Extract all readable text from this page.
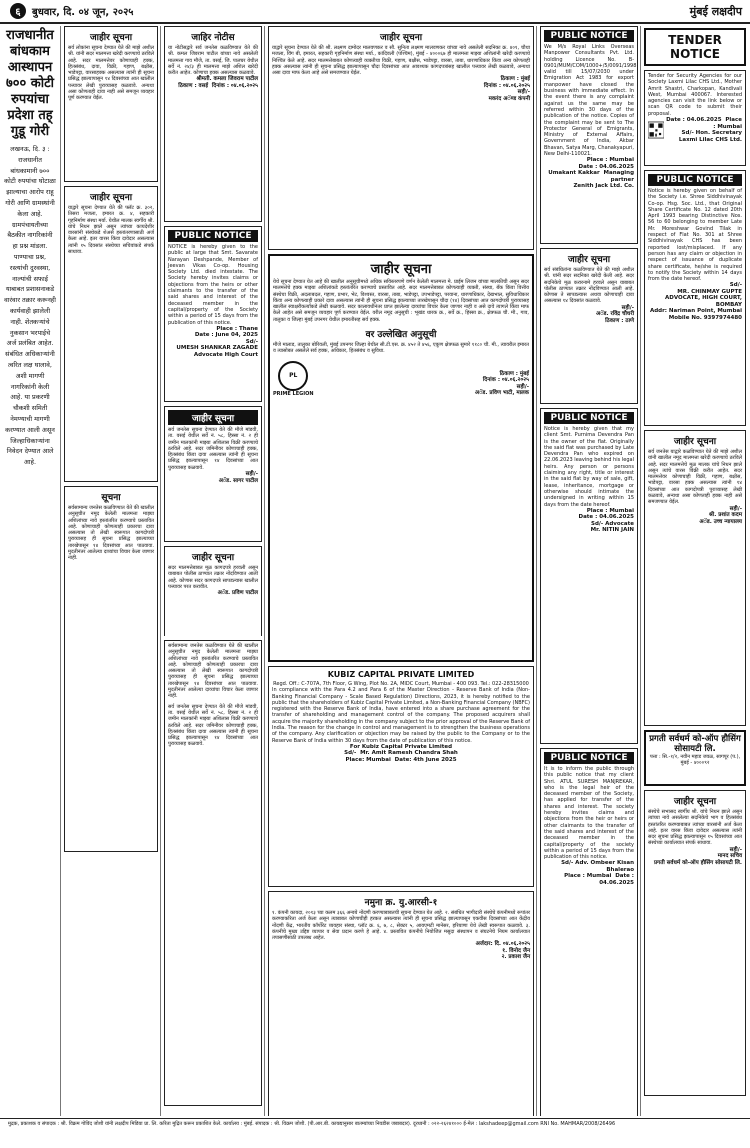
६	बुधवार, दि. ०४ जून, २०२५	मुंबई लक्षदीप
राजधानीत बांधकाम आस्थापन ७०० कोटी रुपयांचा प्रदेशा तह् गुडू गोरी
लखनऊ, दि. ३ : राजधानीत बांधकामानी ७०० कोटी रुपयांचा घोटाळा झाल्याचा आरोप राहू गोरी आणि ग्रामस्थांनी केला आहे. ग्रामपंचायतीच्या बैठकीत नागरिकांनी हा प्रश्न मांडला. पाण्याचा प्रश्न, रस्त्यांची दुरवस्था, नाल्यांची सफाई याबाबत प्रशासनाकडे वारंवार तक्रार करूनही कार्यवाही झालेली नाही. शेतकऱ्यांचे नुकसान भरपाईचे अर्ज प्रलंबित आहेत. संबंधित अधिकाऱ्यांनी त्वरित लक्ष घालावे, अशी मागणी नागरिकांनी केली आहे. या प्रकरणी चौकशी समिती नेमण्याची मागणी करण्यात आली असून जिल्हाधिकाऱ्यांना निवेदन देण्यात आले आहे.
जाहीर सूचना
सर्व लोकांना सूचना देण्यात येते की माझे अशील श्री. यांनी सदर मालमत्ता खरेदी करण्याचे ठरविले आहे. सदर मालमत्तेवर कोणाचाही हक्क, हितसंबंध, दावा, विक्री, गहाण, बक्षीस, भाडेपट्टा, वारसाहक्क असल्यास त्यांनी ही सूचना प्रसिद्ध झाल्यापासून १४ दिवसांच्या आत खालील पत्त्यावर लेखी पुराव्यासह कळवावे. अन्यथा असा कोणताही दावा नाही असे समजून व्यवहार पूर्ण करण्यात येईल.
जाहीर सूचना
याद्वारे सूचना देण्यात येते की फ्लॅट क्र. ३०२, तिसरा मजला, इमारत क्र. ४, सहकारी गृहनिर्माण संस्था मर्या. येथील मालक स्वर्गीय श्री. यांचे निधन झाले असून त्यांच्या कायदेशीर वारसांनी संस्थेकडे शेअर्स हस्तांतरणासाठी अर्ज केला आहे. इतर वारस किंवा दावेदार असल्यास त्यांनी १५ दिवसांत संस्थेच्या सचिवांकडे संपर्क साधावा.
सूचना
सर्वसामान्य जनतेस कळविण्यात येते की खालील अनुसूचीत नमूद केलेली मालमत्ता माझ्या अशिलांच्या नावे हस्तांतरित करण्याचे प्रस्तावित आहे. कोणाचाही कोणत्याही प्रकारचा दावा असल्यास तो लेखी स्वरूपात कागदोपत्री पुराव्यासह ही सूचना प्रसिद्ध झाल्याच्या तारखेपासून १४ दिवसांच्या आत पाठवावा. मुदतीनंतर आलेल्या दाव्यांचा विचार केला जाणार नाही.
जाहिर नोटीस
या नोटीसद्वारे सर्व जनतेस कळविण्यात येते की श्री. कमल जिवराम पाटील यांच्या नावे असलेली मालमत्ता गाव मौजे, ता. वसई, जि. पालघर येथील सर्वे नं. २४/३ ही मालमत्ता माझे अशिल खरेदी करीत आहेत. कोणाचा हक्क असल्यास कळवावे.
श्रीमती. कमला जिवराम पाटील
ठिकाण : वसई  दिनांक : ०४.०६.२०२५
PUBLIC NOTICE
NOTICE is hereby given to the public at large that Smt. Savarate Narayan Deshpande, Member of Jeevan Vikas Co-op. Housing Society Ltd. died intestate. The Society hereby invites claims or objections from the heirs or other claimants to the transfer of the said shares and interest of the deceased member in the capital/property of the Society within a period of 15 days from the publication of this notice.
Place : Thane
Date : June 04, 2025
Sd/-
UMESH SHANKAR ZAGADE
Advocate High Court
जाहीर सूचना
सर्व जनतेस सूचना देण्यात येते की मौजे मांडवी, ता. वसई येथील सर्वे नं. ५८, हिस्सा नं. २ ही जमीन मालकांनी माझ्या अशिलास विक्री करण्याचे ठरविले आहे. सदर जमिनीवर कोणाचाही हक्क, हितसंबंध किंवा दावा असल्यास त्यांनी ही सूचना प्रसिद्ध झाल्यापासून १४ दिवसांच्या आत पुराव्यासह कळवावे.
सही/-
अॅड. सागर पाटील
जाहीर सूचना
सदर मालमत्तेबाबत मूळ कागदपत्रे हरवली असून याबाबत पोलीस ठाण्यात तक्रार नोंदविण्यात आली आहे. कोणास सदर कागदपत्रे सापडल्यास खालील पत्त्यावर परत करावीत.
अॅड. प्रविण पाटील
जाहीर सूचना
याद्वारे सूचना देण्यात येते की श्री. लक्ष्मण दामोदर मालवणकर व सौ. सुनिता लक्ष्मण मालवणकर यांच्या नावे असलेली सदनिका क्र. ४०१, चौथा मजला, विंग बी, इमारत, सहकारी गृहनिर्माण संस्था मर्या., कांदिवली (पश्चिम), मुंबई - ४०००६७ ही मालमत्ता माझ्या अशिलांनी खरेदी करण्याचे निश्चित केले आहे. सदर मालमत्तेबाबत कोणत्याही व्यक्तीचा विक्री, गहाण, बक्षीस, भाडेपट्टा, वारसा, ताबा, धारणाधिकार किंवा अन्य कोणताही हक्क असल्यास त्यांनी ही सूचना प्रसिद्ध झाल्यापासून चौदा दिवसांच्या आत आवश्यक कागदपत्रांसह खालील पत्त्यावर लेखी कळवावे, अन्यथा असा दावा माफ केला आहे असे समजण्यात येईल.
ठिकाण : मुंबई
दिनांक : ०४.०६.२०२५
सही/-
मकरंद अॅण्ड कंपनी
जाहीर सूचना
येथे सूचना देण्यात येत आहे की खालील अनुसूचीमध्ये अधिक सविस्तरपणे वर्णन केलेली मालमत्ता मे. प्राईम लिजन यांच्या मालकीची असून सदर मालमत्तेचे हक्क माझ्या अशिलांकडे हस्तांतरित करण्याचे प्रस्तावित आहे. सदर मालमत्तेबाबत कोणत्याही व्यक्ती, संस्था, बँक किंवा वित्तीय संस्थेचा विक्री, अदलाबदल, गहाण, प्रभार, भेट, विश्वस्त, वारसा, ताबा, भाडेपट्टा, उपभाडेपट्टा, परवाना, धारणाधिकार, देखभाल, सुविधाधिकार किंवा अन्य कोणत्याही प्रकारे दावा असल्यास त्यांनी ही सूचना प्रसिद्ध झाल्याच्या तारखेपासून चौदा (१४) दिवसांच्या आत कागदोपत्री पुराव्यासह खालील स्वाक्षरीकर्त्यांकडे लेखी कळवावे. सदर कालावधीनंतर प्राप्त झालेल्या दाव्यांचा विचार केला जाणार नाही व असे दावे त्यागले किंवा माफ केले आहेत असे समजून व्यवहार पूर्ण करण्यात येईल. वरील नमूद अनुसूची : भूखंड धारक क्र., सर्वे क्र., हिस्सा क्र., क्षेत्रफळ चौ. मी., गाव, तालुका व जिल्हा मुंबई उपनगर येथील इमारतीसह सर्व हक्क.
वर उल्लेखित अनुसूची
मौजे मालाड, तालुका बोरिवली, मुंबई उपनगर जिल्हा येथील सी.टी.एस. क्र. ४५२ ते ४५६, एकूण क्षेत्रफळ सुमारे ११८० चौ. मी., त्यावरील इमारत व त्यासोबत असलेले सर्व हक्क, अधिकार, हितसंबंध व सुविधा.
PL
PRIME LEGION
ठिकाण : मुंबई
दिनांक : ०४.०६.२०२५
सही/-
अॅड. प्रविण भाटी, मालक
KUBIZ CAPITAL PRIVATE LIMITED
Regd. Off.: C-707A, 7th Floor, G Wing, Plot No. 2A, MIDC Court, Mumbai - 400 093. Tel.: 022-28315000
In compliance with the Para 4.2 and Para 6 of the Master Direction - Reserve Bank of India (Non-Banking Financial Company - Scale Based Regulation) Directions, 2023, it is hereby notified to the public that the shareholders of Kubiz Capital Private Limited, a Non-Banking Financial Company (NBFC) registered with the Reserve Bank of India, have entered into a share purchase agreement for the transfer of shareholding and management control of the company. The proposed acquirers shall acquire the majority shareholding in the company subject to the prior approval of the Reserve Bank of India. The reason for the change in control and management is to strengthen the business operations of the company. Any clarification or objection may be raised by the public to the Company or to the Reserve Bank of India within 30 days from the date of publication of this notice.
For Kubiz Capital Private Limited
Sd/-  Mr. Amit Ramesh Chandra Shah
Place: Mumbai  Date: 4th June 2025
नमुना क्र. यु.आरसी-१
१. कंपनी कायदा, २०१३ च्या कलम ३६६ अन्वये नोंदणी करण्याबाबतची सूचना देण्यात येत आहे. २. संबंधित भागीदारी संस्थेचे कंपनीमध्ये रूपांतर करण्याकरिता अर्ज केला असून त्याबाबत कोणाचीही हरकत असल्यास त्यांनी ही सूचना प्रसिद्ध झाल्यापासून एकवीस दिवसांच्या आत केंद्रीय नोंदणी केंद्र, भारतीय कॉर्पोरेट व्यवहार संस्था, प्लॉट क्र. ६, ७, ८, सेक्टर ५, आयएमटी मानेसर, हरियाणा येथे लेखी स्वरूपात कळवावे. ३. कंपनीचे मुख्य उद्दिष्ट व्यापार व सेवा प्रदान करणे हे आहे. ४. प्रस्तावित कंपनीचे नियोजित मसुदा संस्थापन व संघटनेचे नियम कार्यालयात तपासणीसाठी उपलब्ध आहेत.
अर्जदार: दि. ०४.०६.२०२५
१. विनोद जैन
२. प्रकाश जैन
सर्वसामान्य जनतेस कळविण्यात येते की खालील अनुसूचीत नमूद केलेली मालमत्ता माझ्या अशिलांच्या नावे हस्तांतरित करण्याचे प्रस्तावित आहे. कोणाचाही कोणत्याही प्रकारचा दावा असल्यास तो लेखी स्वरूपात कागदोपत्री पुराव्यासह ही सूचना प्रसिद्ध झाल्याच्या तारखेपासून १४ दिवसांच्या आत पाठवावा. मुदतीनंतर आलेल्या दाव्यांचा विचार केला जाणार नाही.
सर्व जनतेस सूचना देण्यात येते की मौजे मांडवी, ता. वसई येथील सर्वे नं. ५८, हिस्सा नं. २ ही जमीन मालकांनी माझ्या अशिलास विक्री करण्याचे ठरविले आहे. सदर जमिनीवर कोणाचाही हक्क, हितसंबंध किंवा दावा असल्यास त्यांनी ही सूचना प्रसिद्ध झाल्यापासून १४ दिवसांच्या आत पुराव्यासह कळवावे.
PUBLIC NOTICE
We M/s Royal Links Overseas Manpower Consultants Pvt. Ltd. holding Licence No. B-0901/MUM/COM/1000+/5/0091/1998 valid till 15/07/2030 under Emigration Act 1983 for export manpower have closed the business with immediate effect. In the event there is any complaint against us the same may be referred within 30 days of the publication of the notice. Copies of the complaint may be sent to The Protector General of Emigrants, Ministry of External Affairs, Government of India, Akbar Bhavan, Satya Marg, Chanakyapuri, New Delhi-110021.
Place : Mumbai
Date : 04.06.2025
Umakant Kakkar  Managing partner
Zenith Jack Ltd. Co.
जाहीर सूचना
सर्व संबंधितांना कळविण्यात येते की माझे अशील श्री. यांनी सदर सदनिका खरेदी केली आहे. सदर सदनिकेचे मूळ करारनामे हरवले असून याबाबत पोलीस ठाण्यात तक्रार नोंदविण्यात आली आहे. कोणास ते सापडल्यास अथवा कोणाचाही दावा असल्यास १४ दिवसांत कळवावे.
सही/-
अॅड. रविंद्र चौधरी
ठिकाण : ठाणे
PUBLIC NOTICE
Notice is hereby given that my client Smt. Purnima Devendra Pan is the owner of the flat. Originally the said flat was purchased by Late Devendra Pan who expired on 22.06.2023 leaving behind his legal heirs. Any person or persons claiming any right, title or interest in the said flat by way of sale, gift, lease, inheritance, mortgage or otherwise should intimate the undersigned in writing within 15 days from the date hereof.
Place : Mumbai
Date : 04.06.2025
Sd/- Advocate
Mr. NITIN JAIN
PUBLIC NOTICE
It is to inform the public through this public notice that my client Shri. ATUL SURESH MANJREKAR, who is the legal heir of the deceased member of the Society, has applied for transfer of the shares and interest. The society hereby invites claims and objections from the heir or heirs or other claimants to the transfer of the said shares and interest of the deceased member in the capital/property of the society within a period of 15 days from the publication of this notice.
Sd/- Adv. Ombeer Kisan Bhalerao
Place : Mumbai  Date : 04.06.2025
TENDER NOTICE
Tender for Security Agencies for our Society Laxmi Lilac CHS Ltd., Mother Amrit Shastri, Charkopan, Kandivali West, Mumbai 400067. Interested agencies can visit the link below or scan QR code to submit their proposal.
Date : 04.06.2025  Place : Mumbai
Sd/- Hon. Secretary
Laxmi Lilac CHS Ltd.
PUBLIC NOTICE
Notice is hereby given on behalf of the Society i.e. Shree Siddhivinayak Co-op. Hsg. Soc. Ltd., that Original Share Certificate No. 12 dated 20th April 1993 bearing Distinctive Nos. 56 to 60 belonging to member Late Mr. Moreshwar Govind Tilak in respect of Flat No. 301 at Shree Siddhivinayak CHS has been reported lost/misplaced. If any person has any claim or objection in respect of issuance of duplicate share certificate, he/she is required to notify the Society within 14 days from the date hereof.
Sd/-
MR. CHINMAY GUPTE
ADVOCATE, HIGH COURT, BOMBAY
Addr: Nariman Point, Mumbai
Mobile No. 9397974480
जाहीर सूचना
सर्व जनतेस याद्वारे कळविण्यात येते की माझे अशील यांनी खालील नमूद मालमत्ता खरेदी करण्याचे ठरविले आहे. सदर मालमत्तेचे मूळ मालक यांचे निधन झाले असून त्यांचे वारस विक्री करीत आहेत. सदर मालमत्तेवर कोणाचाही विक्री, गहाण, बक्षीस, भाडेपट्टा, वारसा हक्क असल्यास त्यांनी १४ दिवसांच्या आत कागदोपत्री पुराव्यासह लेखी कळवावे, अन्यथा असा कोणताही हक्क नाही असे समजण्यात येईल.
सही/-
श्री. प्रशांत कदम
अॅड. उच्च न्यायालय
प्रगती सर्वधर्म को-ऑप हौसिंग सोसायटी लि.
पत्ता : सि.-१/२, नवीन महाड जवळ, सागपूर (प.), मुंबई - ४०००९२
जाहीर सूचना
संस्थेचे सभासद स्वर्गीय श्री. यांचे निधन झाले असून त्यांच्या नावे असलेल्या सदनिकेचे भाग व हितसंबंध हस्तांतरित करण्याबाबत त्यांच्या वारसांनी अर्ज केला आहे. इतर वारस किंवा दावेदार असल्यास त्यांनी सदर सूचना प्रसिद्ध झाल्यापासून १५ दिवसांच्या आत संस्थेच्या कार्यालयात संपर्क साधावा.
सही/-
मानद सचिव
प्रगती सर्वधर्म को-ऑप हौसिंग सोसायटी लि.
मुद्रक, प्रकाशक व संपादक : श्री. विक्रम गोविंद जोशी यांनी लक्षदीप मिडिया प्रा. लि. करिता मुद्रित करून प्रकाशित केले. कार्यालय : मुंबई. संपादक : श्री. विक्रम जोशी. (पी.आर.बी. कायद्यानुसार बातम्यांच्या निवडीस जबाबदार). दूरध्वनी : ०२२-२६२४१००० ई-मेल : lakshadeep@gmail.com RNI No. MAHMAR/2008/26496
